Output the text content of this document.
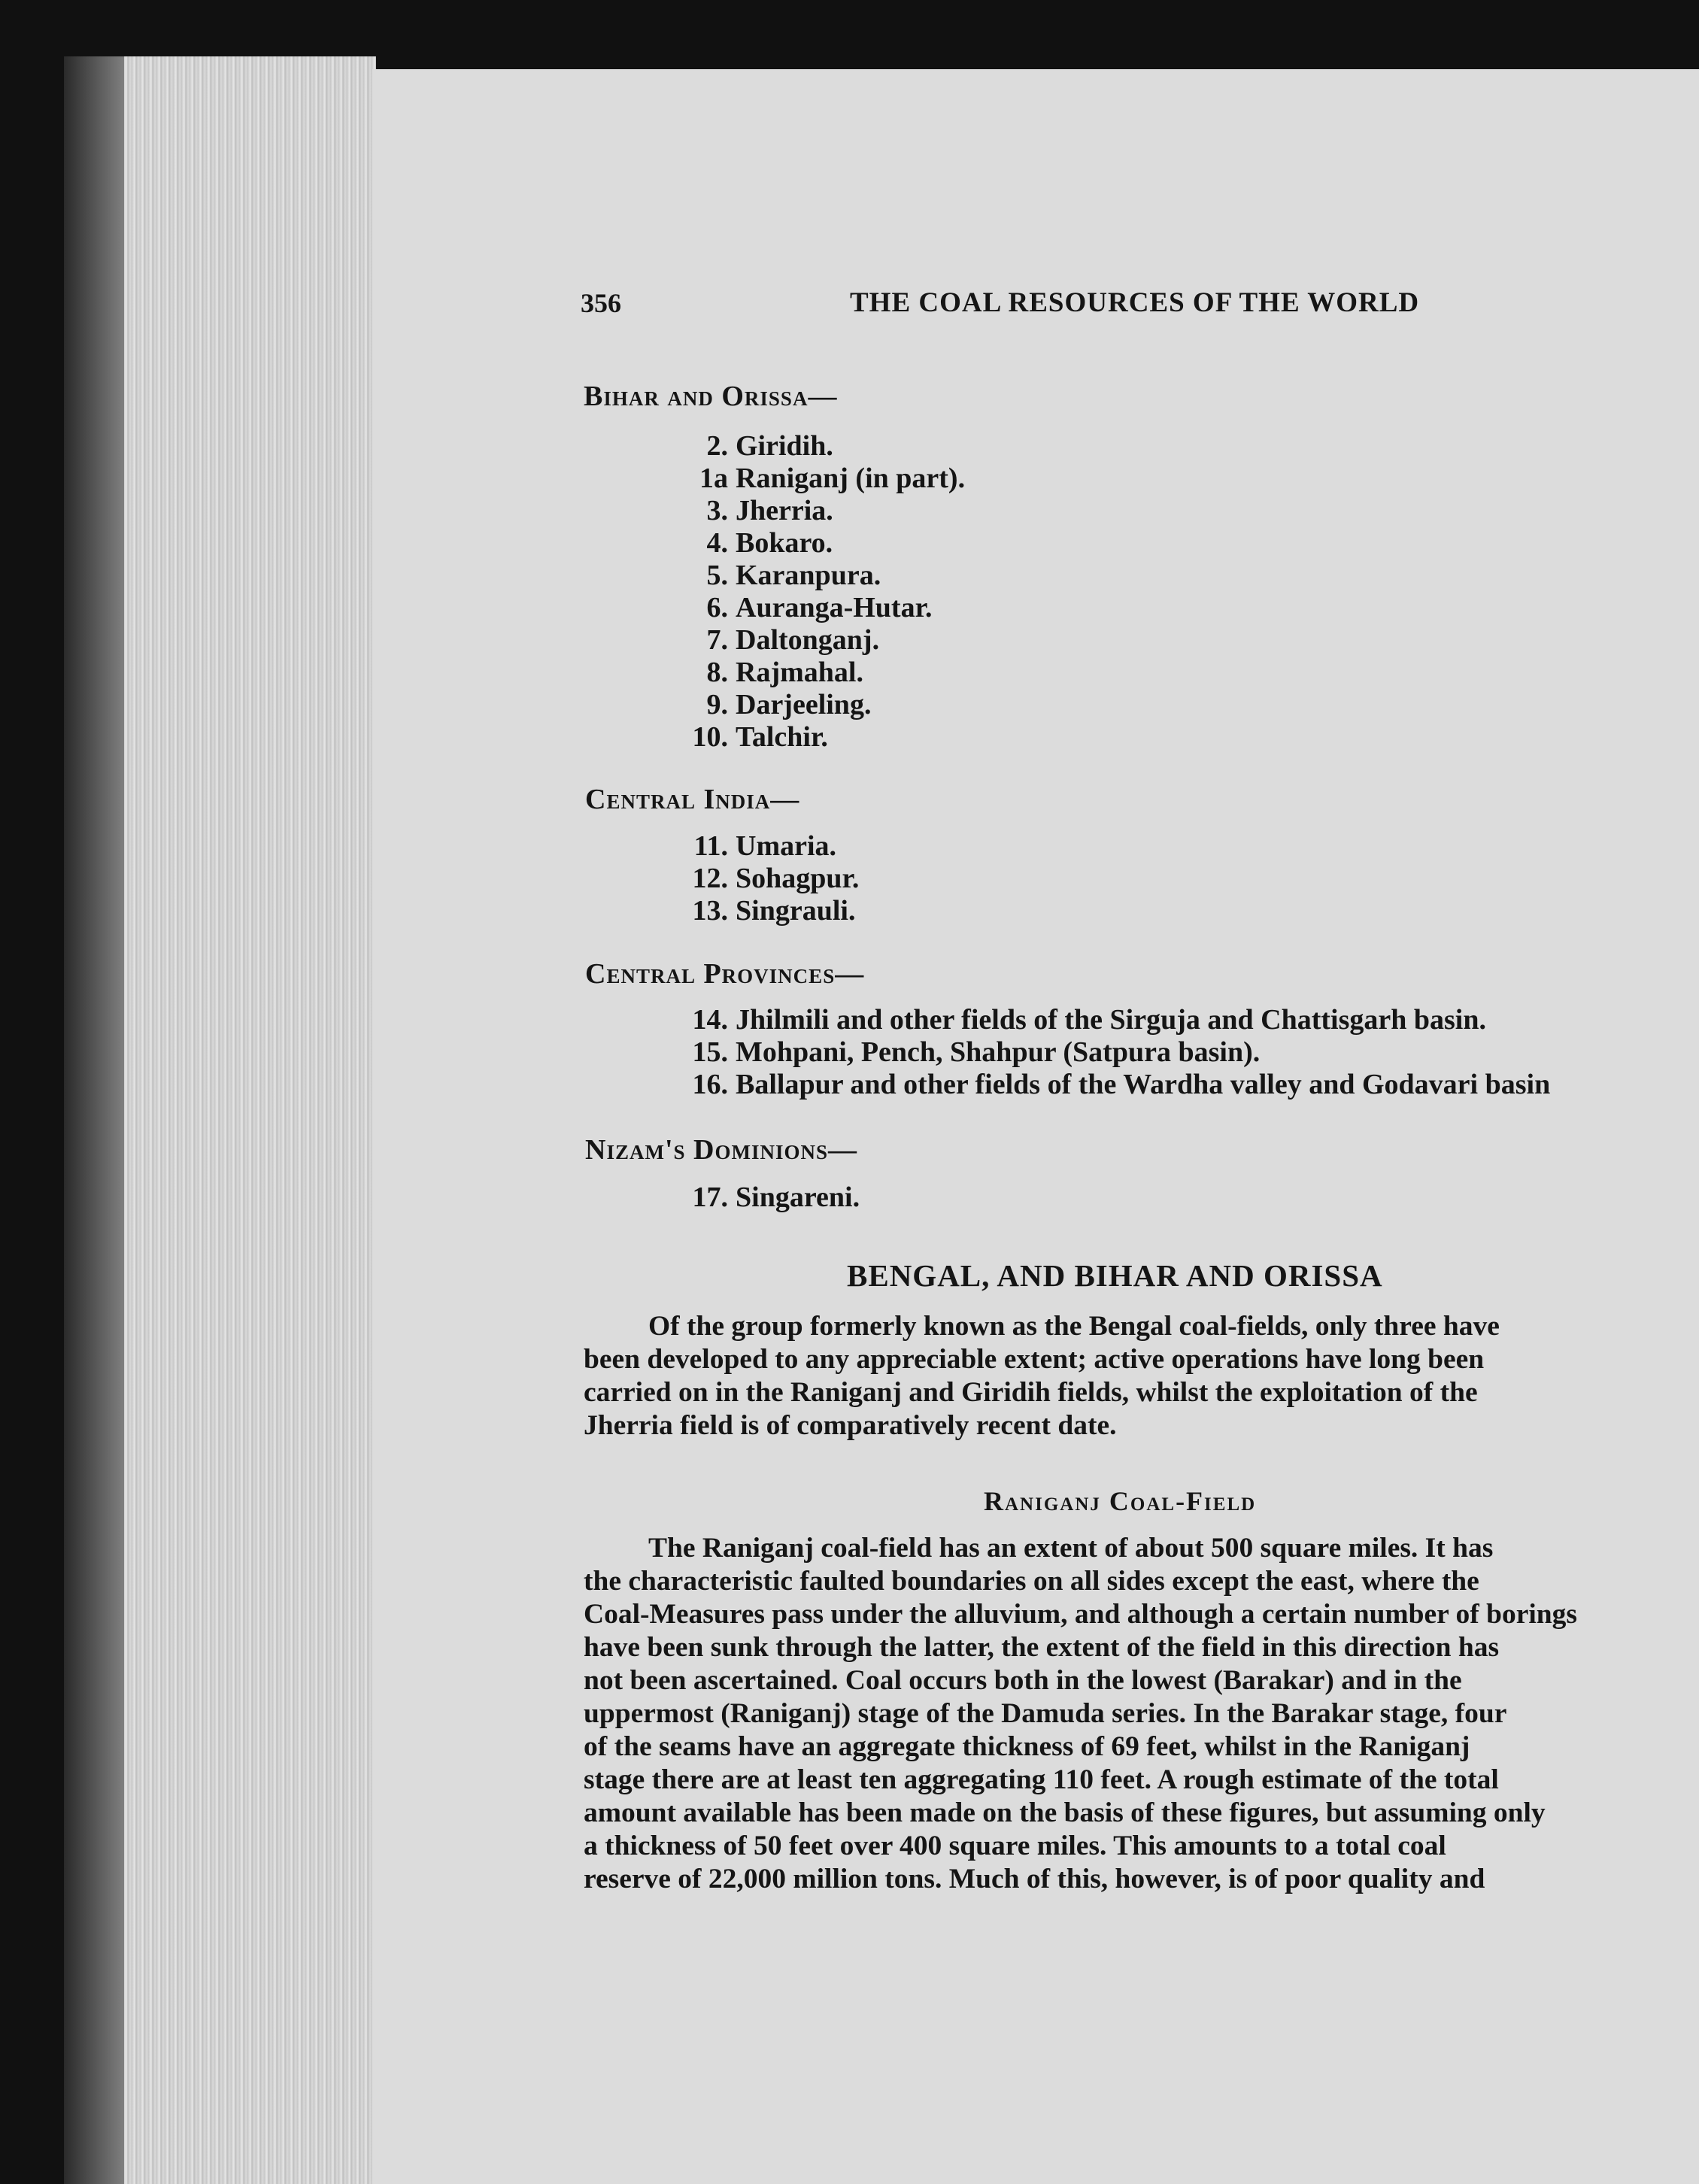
356	THE COAL RESOURCES OF THE WORLD
Bihar and Orissa—
2. Giridih.
1a Raniganj (in part).
3. Jherria.
4. Bokaro.
5. Karanpura.
6. Auranga-Hutar.
7. Daltonganj.
8. Rajmahal.
9. Darjeeling.
10. Talchir.
Central India—
11. Umaria.
12. Sohagpur.
13. Singrauli.
Central Provinces—
14. Jhilmili and other fields of the Sirguja and Chattisgarh basin.
15. Mohpani, Pench, Shahpur (Satpura basin).
16. Ballapur and other fields of the Wardha valley and Godavari basin
Nizam's Dominions—
17. Singareni.
BENGAL, AND BIHAR AND ORISSA
Of the group formerly known as the Bengal coal-fields, only three have
been developed to any appreciable extent; active operations have long been
carried on in the Raniganj and Giridih fields, whilst the exploitation of the
Jherria field is of comparatively recent date.
Raniganj Coal-Field
The Raniganj coal-field has an extent of about 500 square miles. It has
the characteristic faulted boundaries on all sides except the east, where the
Coal-Measures pass under the alluvium, and although a certain number of borings
have been sunk through the latter, the extent of the field in this direction has
not been ascertained. Coal occurs both in the lowest (Barakar) and in the
uppermost (Raniganj) stage of the Damuda series. In the Barakar stage, four
of the seams have an aggregate thickness of 69 feet, whilst in the Raniganj
stage there are at least ten aggregating 110 feet. A rough estimate of the total
amount available has been made on the basis of these figures, but assuming only
a thickness of 50 feet over 400 square miles. This amounts to a total coal
reserve of 22,000 million tons. Much of this, however, is of poor quality and
